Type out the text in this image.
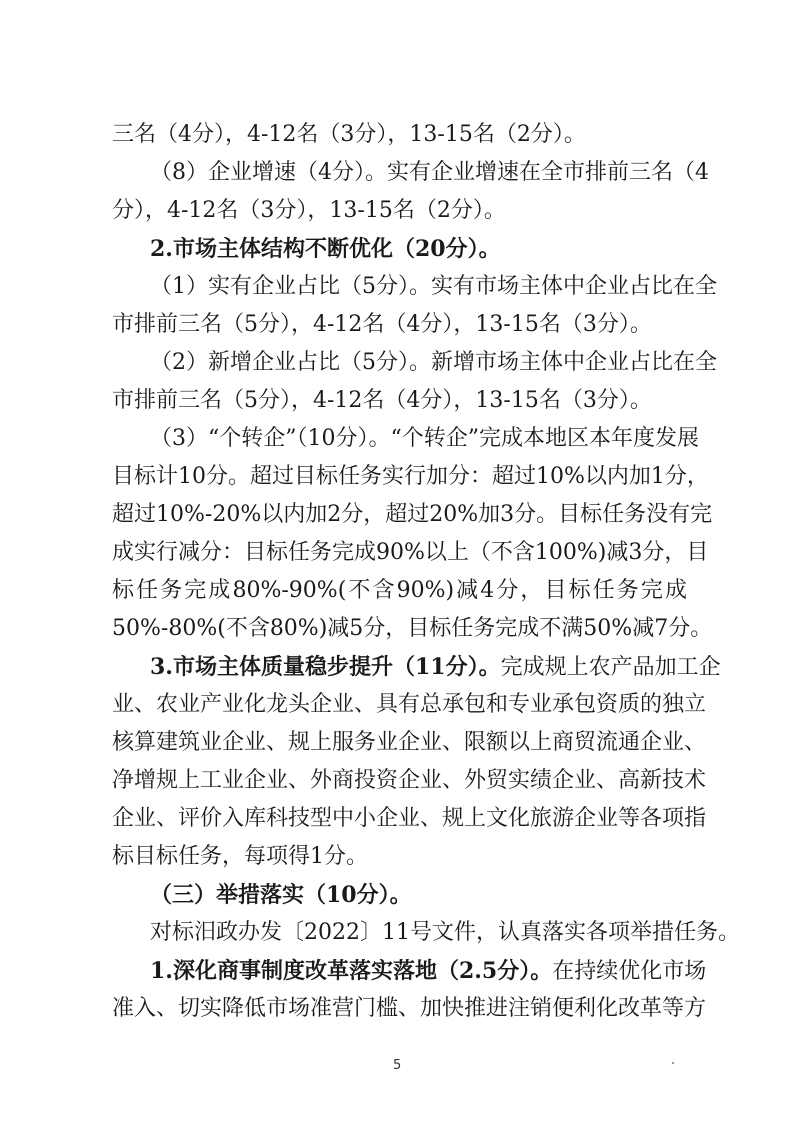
三名（4分），4-12名（3分），13-15名（2分）。
（8）企业增速（4分）。实有企业增速在全市排前三名（4
分），4-12名（3分），13-15名（2分）。
2.市场主体结构不断优化（20分）。
（1）实有企业占比（5分）。实有市场主体中企业占比在全
市排前三名（5分），4-12名（4分），13-15名（3分）。
（2）新增企业占比（5分）。新增市场主体中企业占比在全
市排前三名（5分），4-12名（4分），13-15名（3分）。
（3）“个转企”（10分）。“个转企”完成本地区本年度发展
目标计10分。超过目标任务实行加分：超过10%以内加1分，
超过10%-20%以内加2分，超过20%加3分。目标任务没有完
成实行减分：目标任务完成90%以上（不含100%)减3分，目
标任务完成80%-90%(不含90%)减4分，目标任务完成
50%-80%(不含80%)减5分，目标任务完成不满50%减7分。
3.市场主体质量稳步提升（11分）。完成规上农产品加工企
业、农业产业化龙头企业、具有总承包和专业承包资质的独立
核算建筑业企业、规上服务业企业、限额以上商贸流通企业、
净增规上工业企业、外商投资企业、外贸实绩企业、高新技术
企业、评价入库科技型中小企业、规上文化旅游企业等各项指
标目标任务，每项得1分。
（三）举措落实（10分）。
对标汨政办发〔2022〕11号文件，认真落实各项举措任务。
1.深化商事制度改革落实落地（2.5分）。在持续优化市场
准入、切实降低市场准营门槛、加快推进注销便利化改革等方
5
